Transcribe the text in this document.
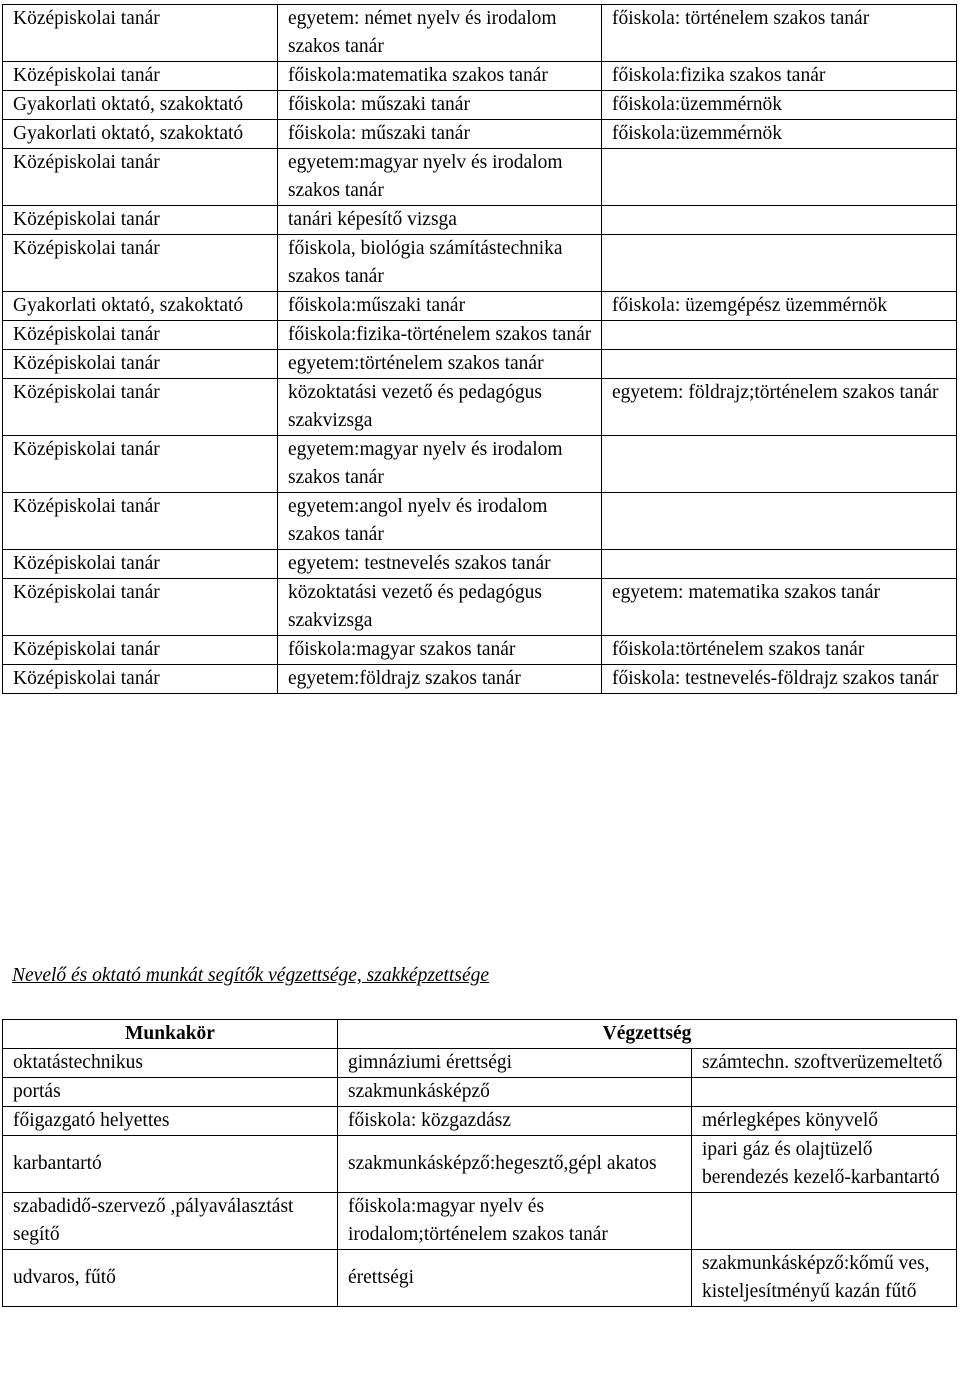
Középiskolai tanár	egyetem: német nyelv és irodalom szakos tanár	főiskola: történelem szakos tanár
Középiskolai tanár	főiskola:matematika szakos tanár	főiskola:fizika szakos tanár
Gyakorlati oktató, szakoktató	főiskola: műszaki tanár	főiskola:üzemmérnök
Gyakorlati oktató, szakoktató	főiskola: műszaki tanár	főiskola:üzemmérnök
Középiskolai tanár	egyetem:magyar nyelv és irodalom szakos tanár	
Középiskolai tanár	tanári képesítő vizsga	
Középiskolai tanár	főiskola, biológia számítástechnika szakos tanár	
Gyakorlati oktató, szakoktató	főiskola:műszaki tanár	főiskola: üzemgépész üzemmérnök
Középiskolai tanár	főiskola:fizika-történelem szakos tanár	
Középiskolai tanár	egyetem:történelem szakos tanár	
Középiskolai tanár	közoktatási vezető és pedagógus szakvizsga	egyetem: földrajz;történelem szakos tanár
Középiskolai tanár	egyetem:magyar nyelv és irodalom szakos tanár	
Középiskolai tanár	egyetem:angol nyelv és irodalom szakos tanár	
Középiskolai tanár	egyetem: testnevelés szakos tanár	
Középiskolai tanár	közoktatási vezető és pedagógus szakvizsga	egyetem: matematika szakos tanár
Középiskolai tanár	főiskola:magyar szakos tanár	főiskola:történelem szakos tanár
Középiskolai tanár	egyetem:földrajz szakos tanár	főiskola: testnevelés-földrajz szakos tanár

Nevelő és oktató munkát segítők végzettsége, szakképzettsége

Munkakör	Végzettség	
oktatástechnikus	gimnáziumi érettségi	számtechn. szoftverüzemeltető
portás	szakmunkásképző	
főigazgató helyettes	főiskola: közgazdász	mérlegképes könyvelő
karbantartó	szakmunkásképző:hegesztő,gépl akatos	ipari gáz és olajtüzelő berendezés kezelő-karbantartó
szabadidő-szervező ,pályaválasztást segítő	főiskola:magyar nyelv és irodalom;történelem szakos tanár	
udvaros, fűtő	érettségi	szakmunkásképző:kőmű ves, kisteljesítményű kazán fűtő
